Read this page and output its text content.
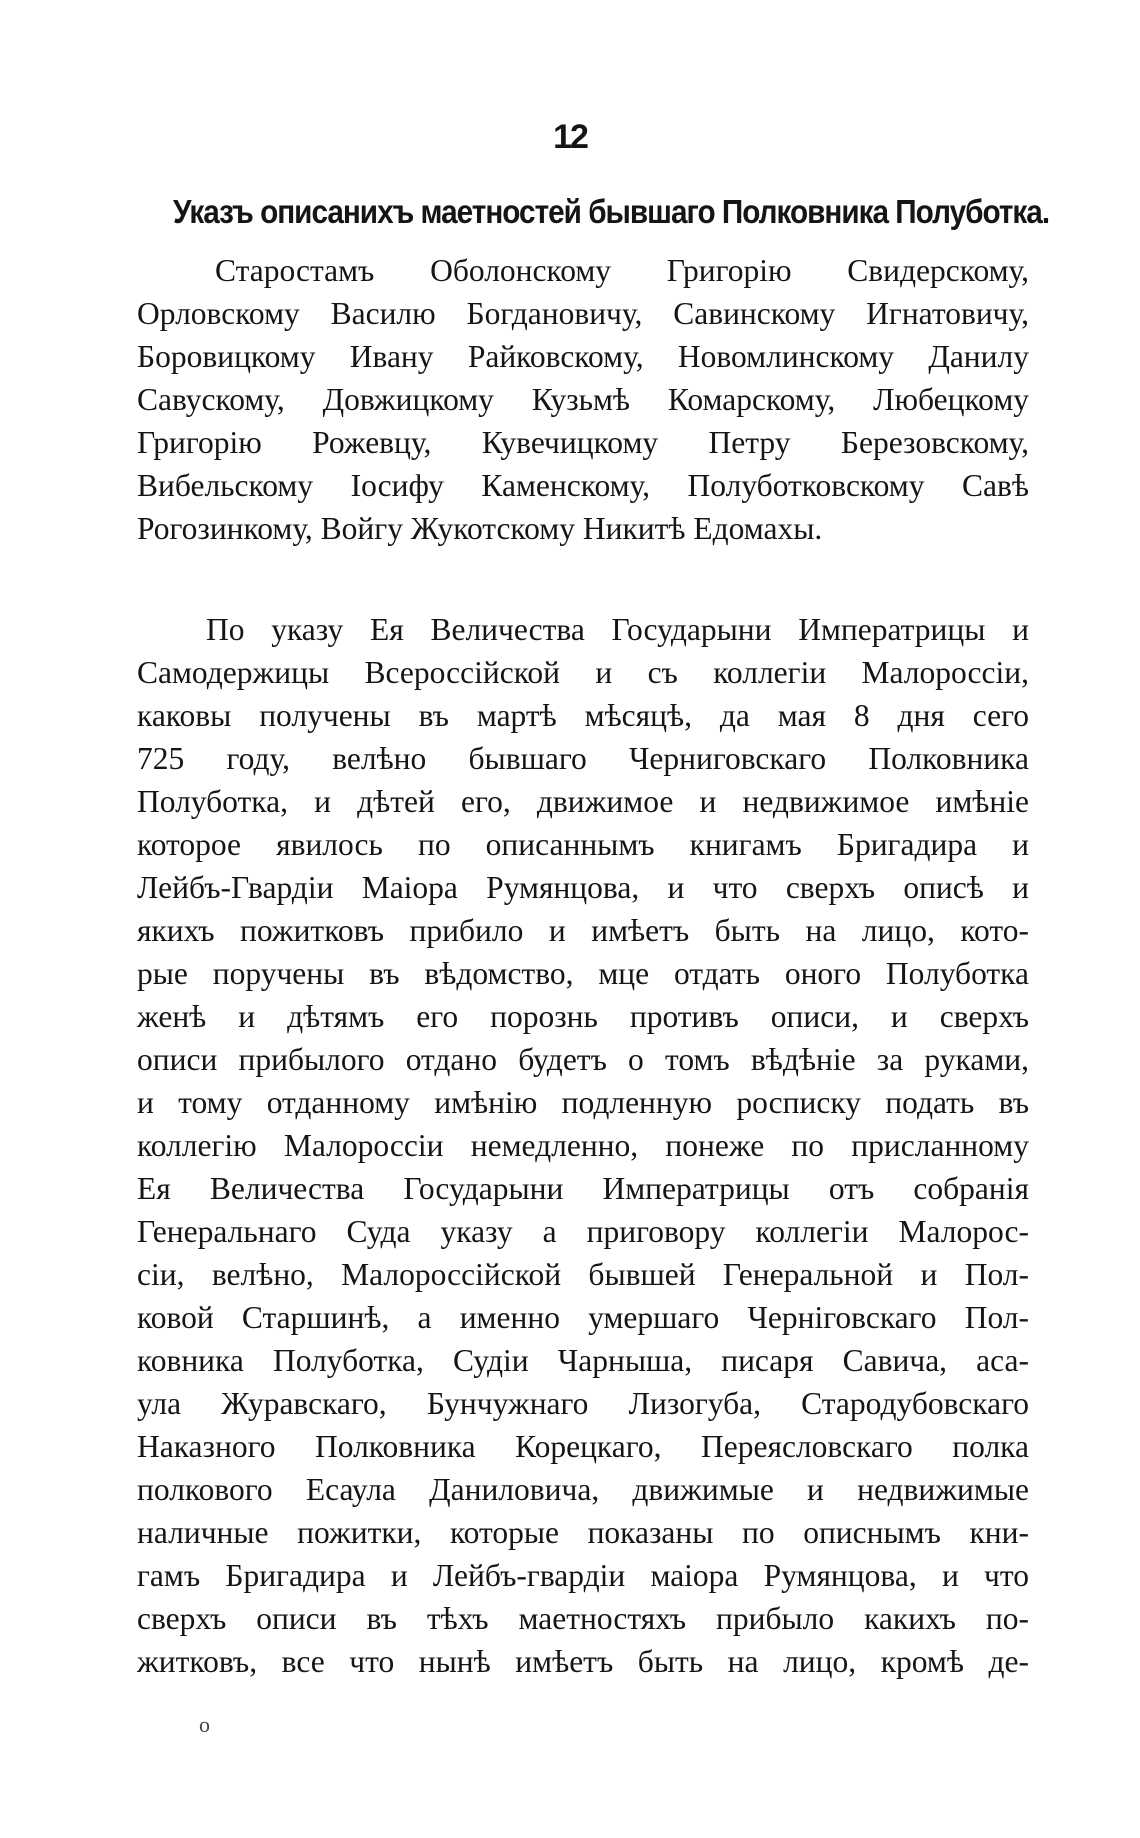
12
Указъ описанихъ маетностей бывшаго Полковника Полуботка.
Старостамъ Оболонскому Григорію Свидерскому,
Орловскому Василю Богдановичу, Савинскому Игнатовичу,
Боровицкому Ивану Райковскому, Новомлинскому Данилу
Савускому, Довжицкому Кузьмѣ Комарскому, Любецкому
Григорію Рожевцу, Кувечицкому Петру Березовскому,
Вибельскому Іосифу Каменскому, Полуботковскому Савѣ
Рогозинкому, Войгу Жукотскому Никитѣ Едомахы.
По указу Ея Величества Государыни Императрицы и
Самодержицы Всероссійской и съ коллегіи Малороссіи,
каковы получены въ мартѣ мѣсяцѣ, да мая 8 дня сего
725 году, велѣно бывшаго Черниговскаго Полковника
Полуботка, и дѣтей его, движимое и недвижимое имѣніе
которое явилось по описаннымъ книгамъ Бригадира и
Лейбъ-Гвардіи Маіора Румянцова, и что сверхъ описѣ и
якихъ пожитковъ прибило и имѣетъ быть на лицо, кото-
рые поручены въ вѣдомство, мце отдать оного Полуботка
женѣ и дѣтямъ его порознь противъ описи, и сверхъ
описи прибылого отдано будетъ о томъ вѣдѣніе за руками,
и тому отданному имѣнію подленную роспиcку подать въ
коллегію Малороссіи немедленно, понеже по присланному
Ея Величества Государыни Императрицы отъ собранія
Генеральнаго Суда указу а приговору коллегіи Малорос-
сіи, велѣно, Малороссійской бывшей Генеральной и Пол-
ковой Старшинѣ, а именно умершаго Черніговскаго Пол-
ковника Полуботка, Судіи Чарныша, писаря Савича, аса-
ула Журавскаго, Бунчужнаго Лизогуба, Стародубовскаго
Наказного Полковника Корецкаго, Переясловскаго полка
полкового Есаула Даниловича, движимые и недвижимые
наличные пожитки, которые показаны по описнымъ кни-
гамъ Бригадира и Лейбъ-гвардіи маіора Румянцова, и что
сверхъ описи въ тѣхъ маетностяхъ прибыло какихъ по-
житковъ, все что нынѣ имѣетъ быть на лицо, кромѣ де-
о
